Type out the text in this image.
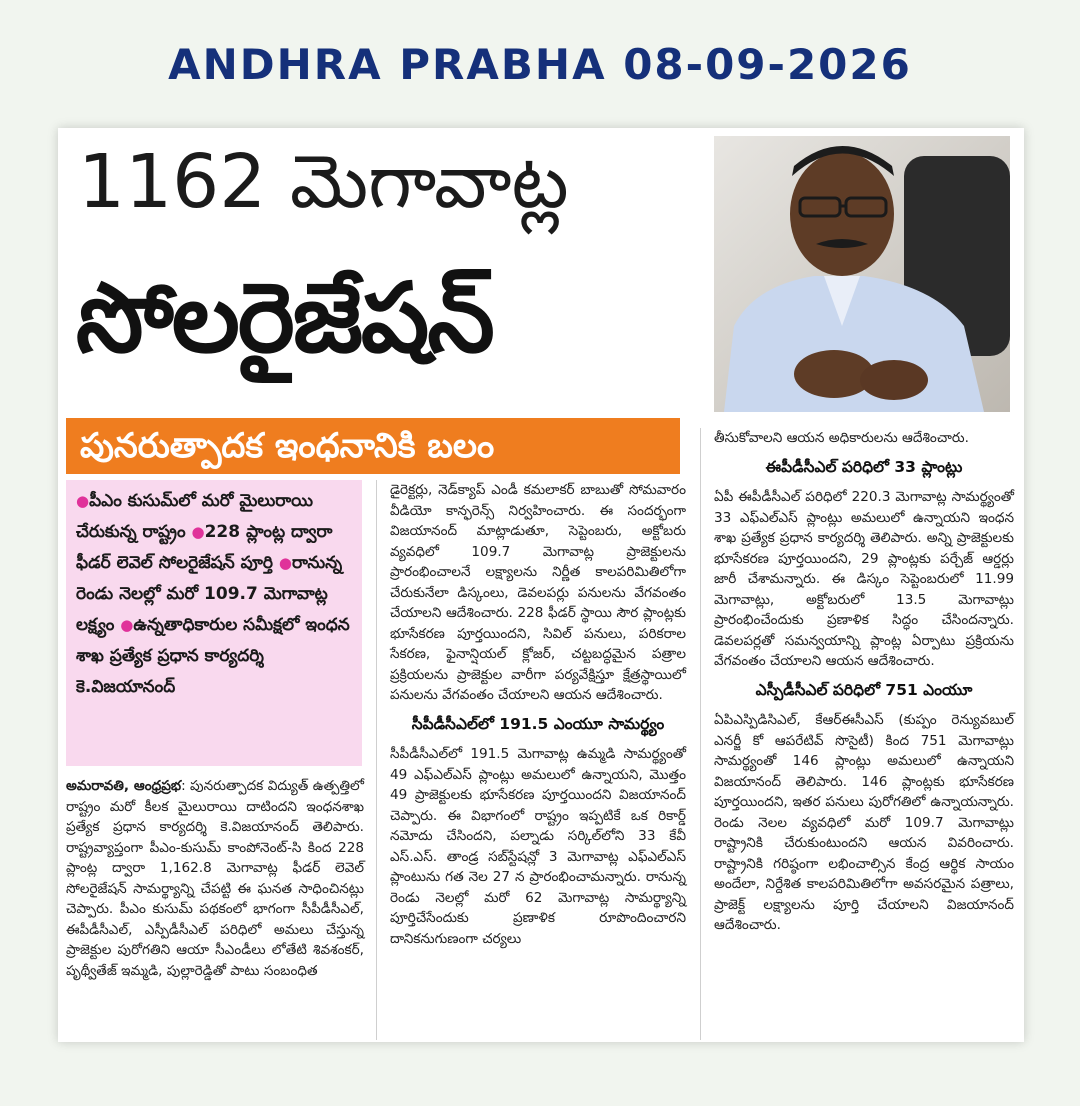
ANDHRA PRABHA 08-09-2026
1162 మెగావాట్ల
సోలరైజేషన్
పునరుత్పాదక ఇంధనానికి బలం
●పీఎం కుసుమ్‌లో మరో మైలురాయి చేరుకున్న రాష్ట్రం ●228 ప్లాంట్ల ద్వారా ఫీడర్ లెవెల్ సోలరైజేషన్ పూర్తి ●రానున్న రెండు నెలల్లో మరో 109.7 మెగావాట్ల లక్ష్యం ●ఉన్నతాధికారుల సమీక్షలో ఇంధన శాఖ ప్రత్యేక ప్రధాన కార్యదర్శి కె.విజయానంద్

అమరావతి, ఆంధ్రప్రభ: పునరుత్పాదక విద్యుత్ ఉత్పత్తిలో రాష్ట్రం మరో కీలక మైలురాయి దాటిందని ఇంధనశాఖ ప్రత్యేక ప్రధాన కార్యదర్శి కె.విజయానంద్ తెలిపారు. రాష్ట్రవ్యాప్తంగా పీఎం-కుసుమ్ కాంపోనెంట్-సి కింద 228 ప్లాంట్ల ద్వారా 1,162.8 మెగావాట్ల ఫీడర్ లెవెల్ సోలరైజేషన్ సామర్థ్యాన్ని చేపట్టి ఈ ఘనత సాధించినట్లు చెప్పారు. పీఎం కుసుమ్ పథకంలో భాగంగా సీపీడీసీఎల్, ఈపీడీసీఎల్, ఎస్పీడీసీఎల్ పరిధిలో అమలు చేస్తున్న ప్రాజెక్టుల పురోగతిని ఆయా సీఎండీలు లోతేటి శివశంకర్, పృథ్వీతేజ్ ఇమ్మడి, పుల్లారెడ్డితో పాటు సంబంధిత

డైరెక్టర్లు, నెడ్‌క్యాప్ ఎండీ కమలాకర్ బాబుతో సోమవారం వీడియో కాన్ఫరెన్స్ నిర్వహించారు. ఈ సందర్భంగా విజయానంద్ మాట్లాడుతూ, సెప్టెంబరు, అక్టోబరు వ్యవధిలో 109.7 మెగావాట్ల ప్రాజెక్టులను ప్రారంభించాలనే లక్ష్యాలను నిర్ణీత కాలపరిమితిలోగా చేరుకునేలా డిస్కంలు, డెవలపర్లు పనులను వేగవంతం చేయాలని ఆదేశించారు. 228 ఫీడర్ స్థాయి సౌర ప్లాంట్లకు భూసేకరణ పూర్తయిందని, సివిల్ పనులు, పరికరాల సేకరణ, ఫైనాన్షియల్ క్లోజర్, చట్టబద్ధమైన పత్రాల ప్రక్రియలను ప్రాజెక్టుల వారీగా పర్యవేక్షిస్తూ క్షేత్రస్థాయిలో పనులను వేగవంతం చేయాలని ఆయన ఆదేశించారు.

సీపీడీసీఎల్‌లో 191.5 ఎంయూ సామర్థ్యం

సీపీడీసీఎల్‌లో 191.5 మెగావాట్ల ఉమ్మడి సామర్థ్యంతో 49 ఎఫ్ఎల్ఎస్ ప్లాంట్లు అమలులో ఉన్నాయని, మొత్తం 49 ప్రాజెక్టులకు భూసేకరణ పూర్తయిందని విజయానంద్ చెప్పారు. ఈ విభాగంలో రాష్ట్రం ఇప్పటికే ఒక రికార్డ్ నమోదు చేసిందని, పల్నాడు సర్కిల్‌లోని 33 కేవీ ఎస్.ఎస్. తాండ్ర సబ్‌స్టేషన్లో 3 మెగావాట్ల ఎఫ్ఎల్ఎస్ ప్లాంటును గత నెల 27 న ప్రారంభించామన్నారు. రానున్న రెండు నెలల్లో మరో 62 మెగావాట్ల సామర్థ్యాన్ని పూర్తిచేసేందుకు ప్రణాళిక రూపొందించారని దానికనుగుణంగా చర్యలు

తీసుకోవాలని ఆయన అధికారులను ఆదేశించారు.

ఈపీడీసీఎల్ పరిధిలో 33 ప్లాంట్లు

ఏపీ ఈపీడీసీఎల్ పరిధిలో 220.3 మెగావాట్ల సామర్థ్యంతో 33 ఎఫ్ఎల్ఎస్ ప్లాంట్లు అమలులో ఉన్నాయని ఇంధన శాఖ ప్రత్యేక ప్రధాన కార్యదర్శి తెలిపారు. అన్ని ప్రాజెక్టులకు భూసేకరణ పూర్తయిందని, 29 ప్లాంట్లకు పర్చేజ్ ఆర్డర్లు జారీ చేశామన్నారు. ఈ డిస్కం సెప్టెంబరులో 11.99 మెగావాట్లు, అక్టోబరులో 13.5 మెగావాట్లు ప్రారంభించేందుకు ప్రణాళిక సిద్ధం చేసిందన్నారు. డెవలపర్లతో సమన్వయాన్ని ప్లాంట్ల ఏర్పాటు ప్రక్రియను వేగవంతం చేయాలని ఆయన ఆదేశించారు.

ఎస్పీడీసీఎల్ పరిధిలో 751 ఎంయూ

ఏపిఎస్పిడిసిఎల్, కేఆర్ఈసీఎస్ (కుప్పం రెన్యువబుల్ ఎనర్జీ కో ఆపరేటివ్ సొసైటీ) కింద 751 మెగావాట్లు సామర్థ్యంతో 146 ప్లాంట్లు అమలులో ఉన్నాయని విజయానంద్ తెలిపారు. 146 ప్లాంట్లకు భూసేకరణ పూర్తయిందని, ఇతర పనులు పురోగతిలో ఉన్నాయన్నారు. రెండు నెలల వ్యవధిలో మరో 109.7 మెగావాట్లు రాష్ట్రానికి చేరుకుంటుందని ఆయన వివరించారు. రాష్ట్రానికి గరిష్ఠంగా లభించాల్సిన కేంద్ర ఆర్థిక సాయం అందేలా, నిర్దేశిత కాలపరిమితిలోగా అవసరమైన పత్రాలు, ప్రాజెక్ట్ లక్ష్యాలను పూర్తి చేయాలని విజయానంద్ ఆదేశించారు.
